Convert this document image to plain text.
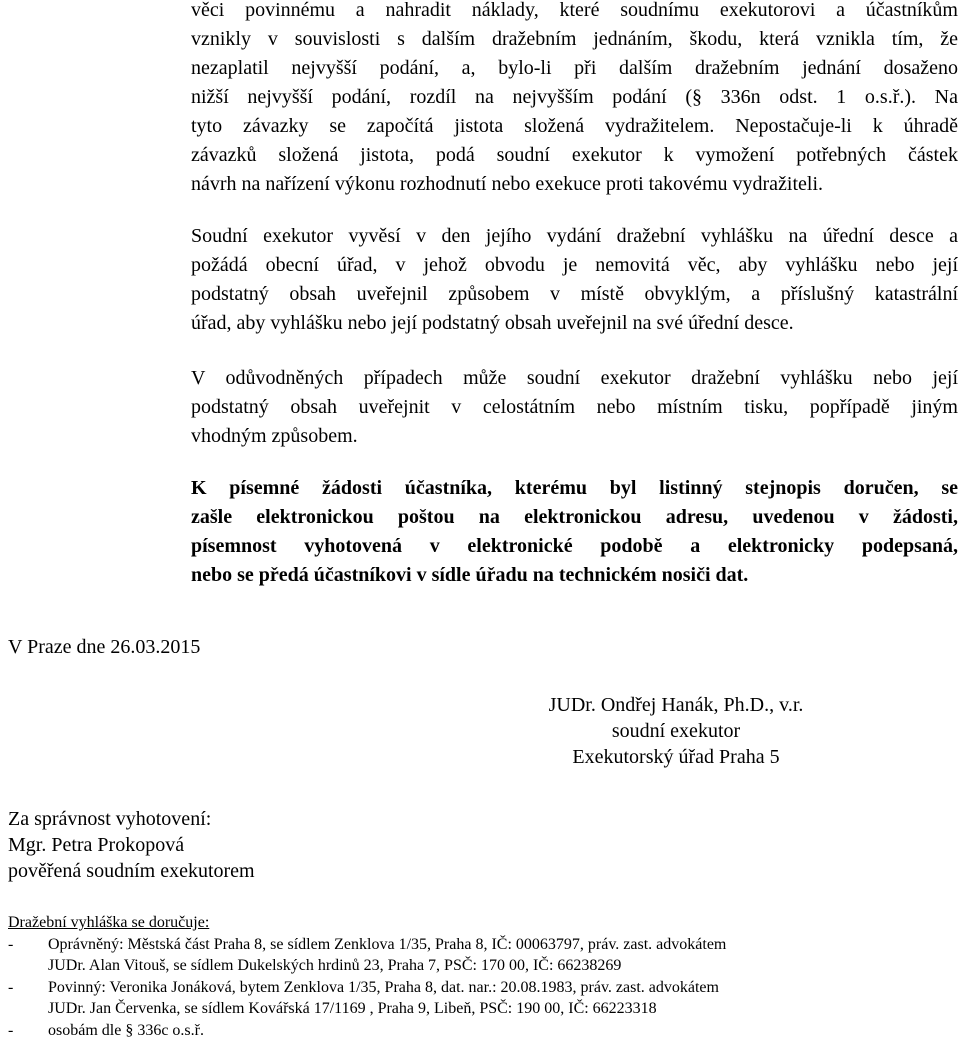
věci povinnému a nahradit náklady, které soudnímu exekutorovi a účastníkům
vznikly v souvislosti s dalším dražebním jednáním, škodu, která vznikla tím, že
nezaplatil nejvyšší podání, a, bylo-li při dalším dražebním jednání dosaženo
nižší nejvyšší podání, rozdíl na nejvyšším podání (§ 336n odst. 1 o.s.ř.). Na
tyto závazky se započítá jistota složená vydražitelem. Nepostačuje-li k úhradě
závazků složená jistota, podá soudní exekutor k vymožení potřebných částek
návrh na nařízení výkonu rozhodnutí nebo exekuce proti takovému vydražiteli.
Soudní exekutor vyvěsí v den jejího vydání dražební vyhlášku na úřední desce a
požádá obecní úřad, v jehož obvodu je nemovitá věc, aby vyhlášku nebo její
podstatný obsah uveřejnil způsobem v místě obvyklým, a příslušný katastrální
úřad, aby vyhlášku nebo její podstatný obsah uveřejnil na své úřední desce.
V odůvodněných případech může soudní exekutor dražební vyhlášku nebo její
podstatný obsah uveřejnit v celostátním nebo místním tisku, popřípadě jiným
vhodným způsobem.
K písemné žádosti účastníka, kterému byl listinný stejnopis doručen, se
zašle elektronickou poštou na elektronickou adresu, uvedenou v žádosti,
písemnost vyhotovená v elektronické podobě a elektronicky podepsaná,
nebo se předá účastníkovi v sídle úřadu na technickém nosiči dat.

V Praze dne 26.03.2015

JUDr. Ondřej Hanák, Ph.D., v.r.
soudní exekutor
Exekutorský úřad Praha 5
Za správnost vyhotovení:
Mgr. Petra Prokopová
pověřená soudním exekutorem
Dražební vyhláška se doručuje:
- Oprávněný: Městská část Praha 8, se sídlem Zenklova 1/35, Praha 8, IČ: 00063797, práv. zast. advokátem
JUDr. Alan Vitouš, se sídlem Dukelských hrdinů 23, Praha 7, PSČ: 170 00, IČ: 66238269
- Povinný: Veronika Jonáková, bytem Zenklova 1/35, Praha 8, dat. nar.: 20.08.1983, práv. zast. advokátem
JUDr. Jan Červenka, se sídlem Kovářská 17/1169 , Praha 9, Libeň, PSČ: 190 00, IČ: 66223318
- osobám dle § 336c o.s.ř.
